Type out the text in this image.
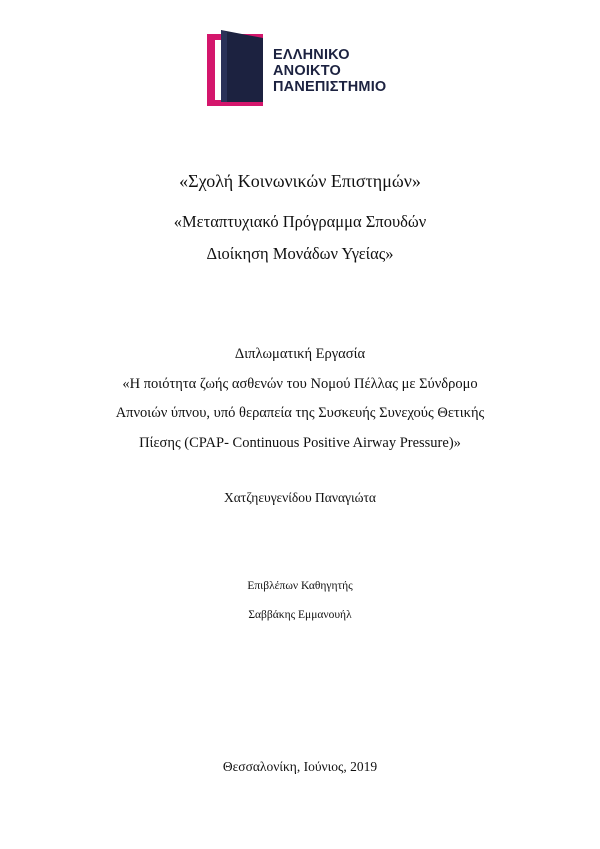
ΕΛΛΗΝΙΚΟ
ΑΝΟΙΚΤΟ
ΠΑΝΕΠΙΣΤΗΜΙΟ
«Σχολή Κοινωνικών Επιστημών»
«Μεταπτυχιακό Πρόγραμμα Σπουδών
Διοίκηση Μονάδων Υγείας»
Διπλωματική Εργασία
«Η ποιότητα ζωής ασθενών του Νομού Πέλλας με Σύνδρομο
Απνοιών ύπνου, υπό θεραπεία της Συσκευής Συνεχούς Θετικής
Πίεσης (CPAP- Continuous Positive Airway Pressure)»
Χατζηευγενίδου Παναγιώτα
Επιβλέπων Καθηγητής
Σαββάκης Εμμανουήλ
Θεσσαλονίκη, Ιούνιος, 2019
